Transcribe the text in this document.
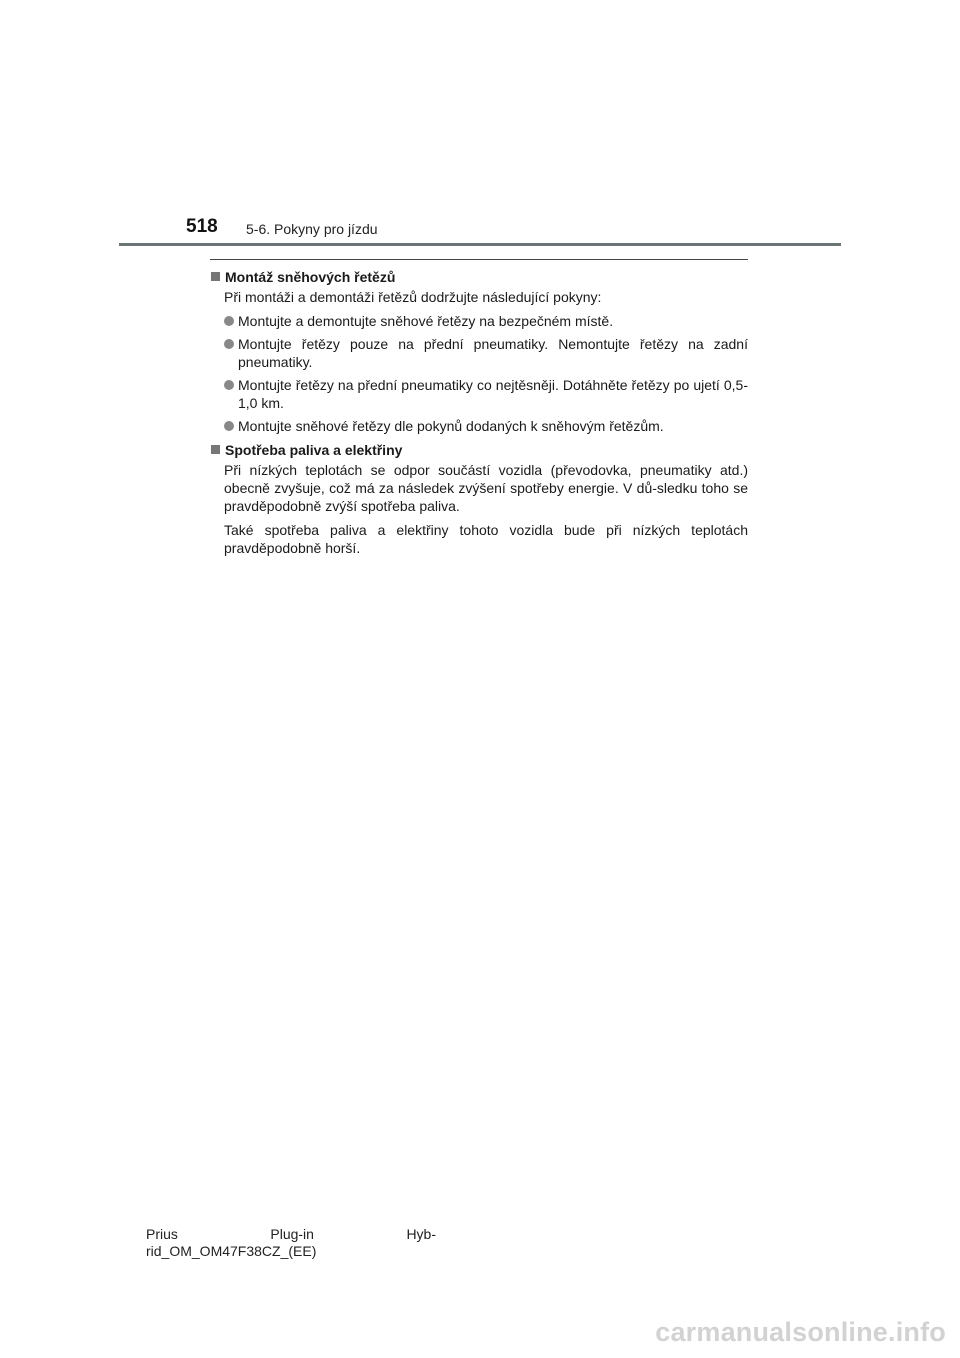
518 5-6. Pokyny pro jízdu
Montáž sněhových řetězů

Při montáži a demontáži řetězů dodržujte následující pokyny:

Montujte a demontujte sněhové řetězy na bezpečném místě.
Montujte řetězy pouze na přední pneumatiky. Nemontujte řetězy na zadní pneumatiky.
Montujte řetězy na přední pneumatiky co nejtěsněji. Dotáhněte řetězy po ujetí 0,5-1,0 km.
Montujte sněhové řetězy dle pokynů dodaných k sněhovým řetězům.
Spotřeba paliva a elektřiny

Při nízkých teplotách se odpor součástí vozidla (převodovka, pneumatiky atd.) obecně zvyšuje, což má za následek zvýšení spotřeby energie. V dů-sledku toho se pravděpodobně zvýší spotřeba paliva.

Také spotřeba paliva a elektřiny tohoto vozidla bude při nízkých teplotách pravděpodobně horší.

Prius	Plug-in	Hyb-
rid_OM_OM47F38CZ_(EE)
carmanualsonline.info
